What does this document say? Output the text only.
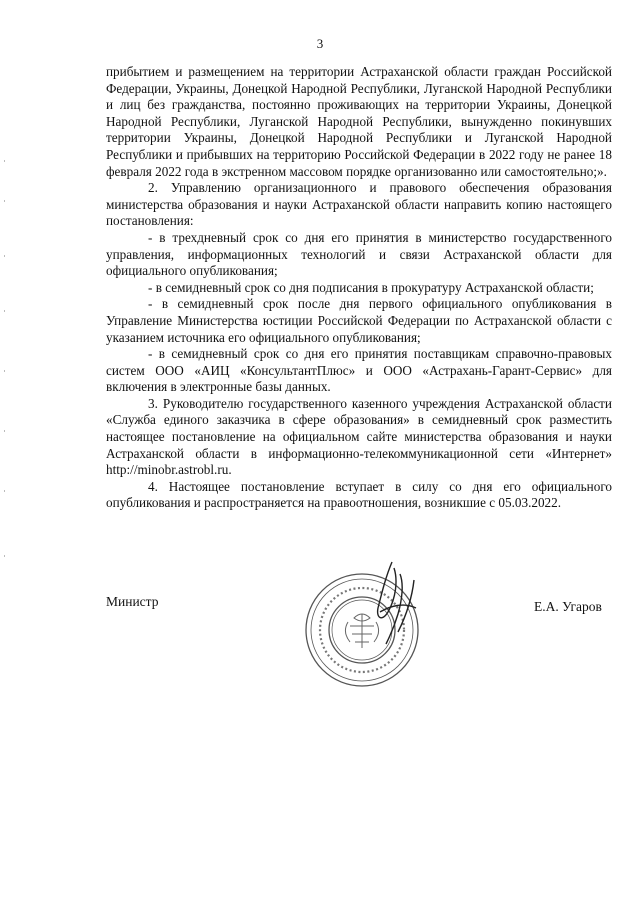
3

прибытием и размещением на территории Астраханской области граждан Российской Федерации, Украины, Донецкой Народной Республики, Луганской Народной Республики и лиц без гражданства, постоянно проживающих на территории Украины, Донецкой Народной Республики, Луганской Народной Республики, вынужденно покинувших территории Украины, Донецкой Народной Республики и Луганской Народной Республики и прибывших на территорию Российской Федерации в 2022 году не ранее 18 февраля 2022 года в экстренном массовом порядке организованно или самостоятельно;».

2. Управлению организационного и правового обеспечения образования министерства образования и науки Астраханской области направить копию настоящего постановления:

- в трехдневный срок со дня его принятия в министерство государственного управления, информационных технологий и связи Астраханской области для официального опубликования;

- в семидневный срок со дня подписания в прокуратуру Астраханской области;

- в семидневный срок после дня первого официального опубликования в Управление Министерства юстиции Российской Федерации по Астраханской области с указанием источника его официального опубликования;

- в семидневный срок со дня его принятия поставщикам справочно-правовых систем ООО «АИЦ «КонсультантПлюс» и ООО «Астрахань-Гарант-Сервис» для включения в электронные базы данных.

3. Руководителю государственного казенного учреждения Астраханской области «Служба единого заказчика в сфере образования» в семидневный срок разместить настоящее постановление на официальном сайте министерства образования и науки Астраханской области в информационно-телекоммуникационной сети «Интернет» http://minobr.astrobl.ru.

4. Настоящее постановление вступает в силу со дня его официального опубликования и распространяется на правоотношения, возникшие с 05.03.2022.

Министр	Е.А. Угаров
